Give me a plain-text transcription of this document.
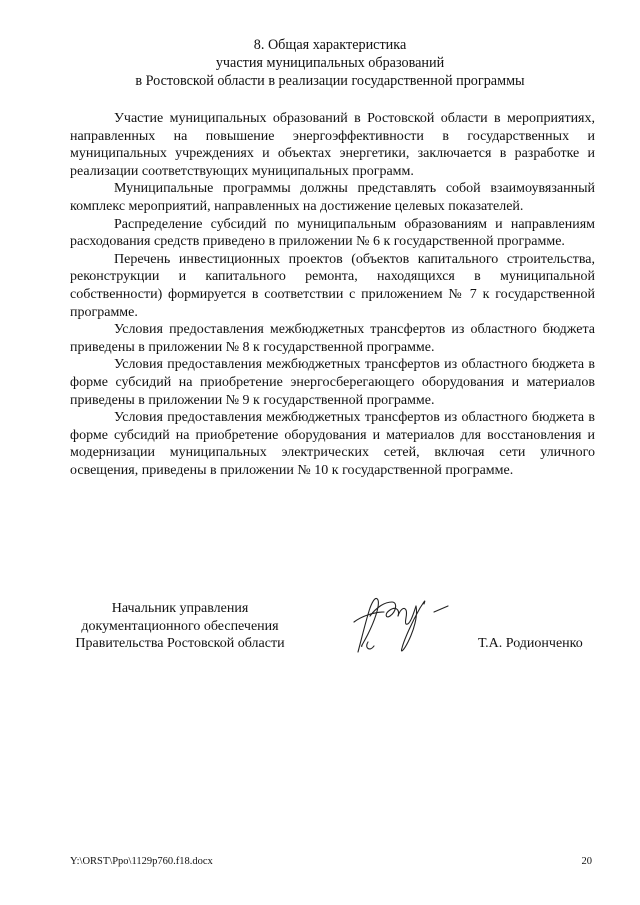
8. Общая характеристика
участия муниципальных образований
в Ростовской области в реализации государственной программы

Участие муниципальных образований в Ростовской области в мероприятиях, направленных на повышение энергоэффективности в государственных и муниципальных учреждениях и объектах энергетики, заключается в разработке и реализации соответствующих муниципальных программ.

Муниципальные программы должны представлять собой взаимоувязанный комплекс мероприятий, направленных на достижение целевых показателей.

Распределение субсидий по муниципальным образованиям и направлениям расходования средств приведено в приложении № 6 к государственной программе.

Перечень инвестиционных проектов (объектов капитального строительства, реконструкции и капитального ремонта, находящихся в муниципальной собственности) формируется в соответствии с приложением № 7 к государственной программе.

Условия предоставления межбюджетных трансфертов из областного бюджета приведены в приложении № 8 к государственной программе.

Условия предоставления межбюджетных трансфертов из областного бюджета в форме субсидий на приобретение энергосберегающего оборудования и материалов приведены в приложении № 9 к государственной программе.

Условия предоставления межбюджетных трансфертов из областного бюджета в форме субсидий на приобретение оборудования и материалов для восстановления и модернизации муниципальных электрических сетей, включая сети уличного освещения, приведены в приложении № 10 к государственной программе.

Начальник управления
документационного обеспечения
Правительства Ростовской области	Т.А. Родионченко
Y:\ORST\Ppo\1129p760.f18.docx	20
